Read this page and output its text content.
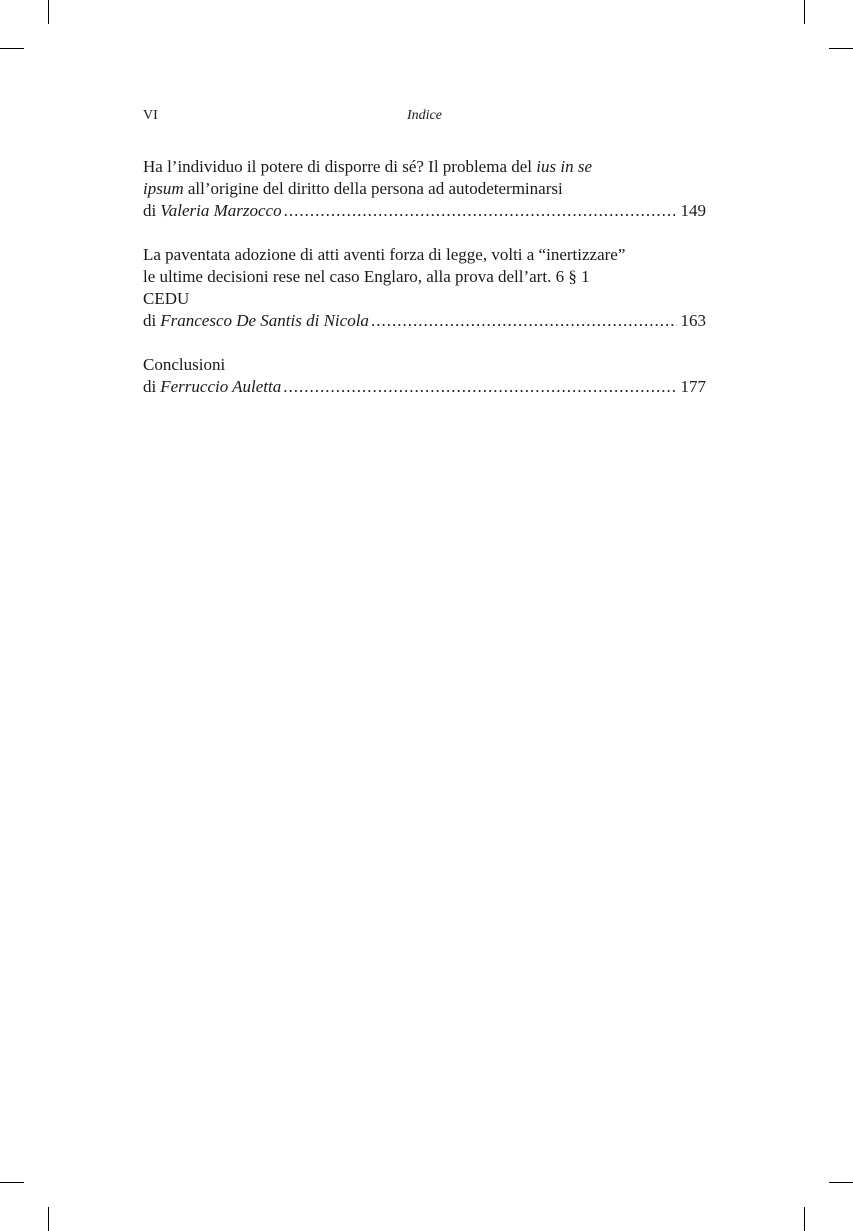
VI	Indice
Ha l’individuo il potere di disporre di sé? Il problema del ius in se
ipsum all’origine del diritto della persona ad autodeterminarsi
di Valeria Marzocco .....	149
La paventata adozione di atti aventi forza di legge, volti a “inertizzare”
le ultime decisioni rese nel caso Englaro, alla prova dell’art. 6 § 1
CEDU
di Francesco De Santis di Nicola .....	163
Conclusioni
di Ferruccio Auletta .....	177
